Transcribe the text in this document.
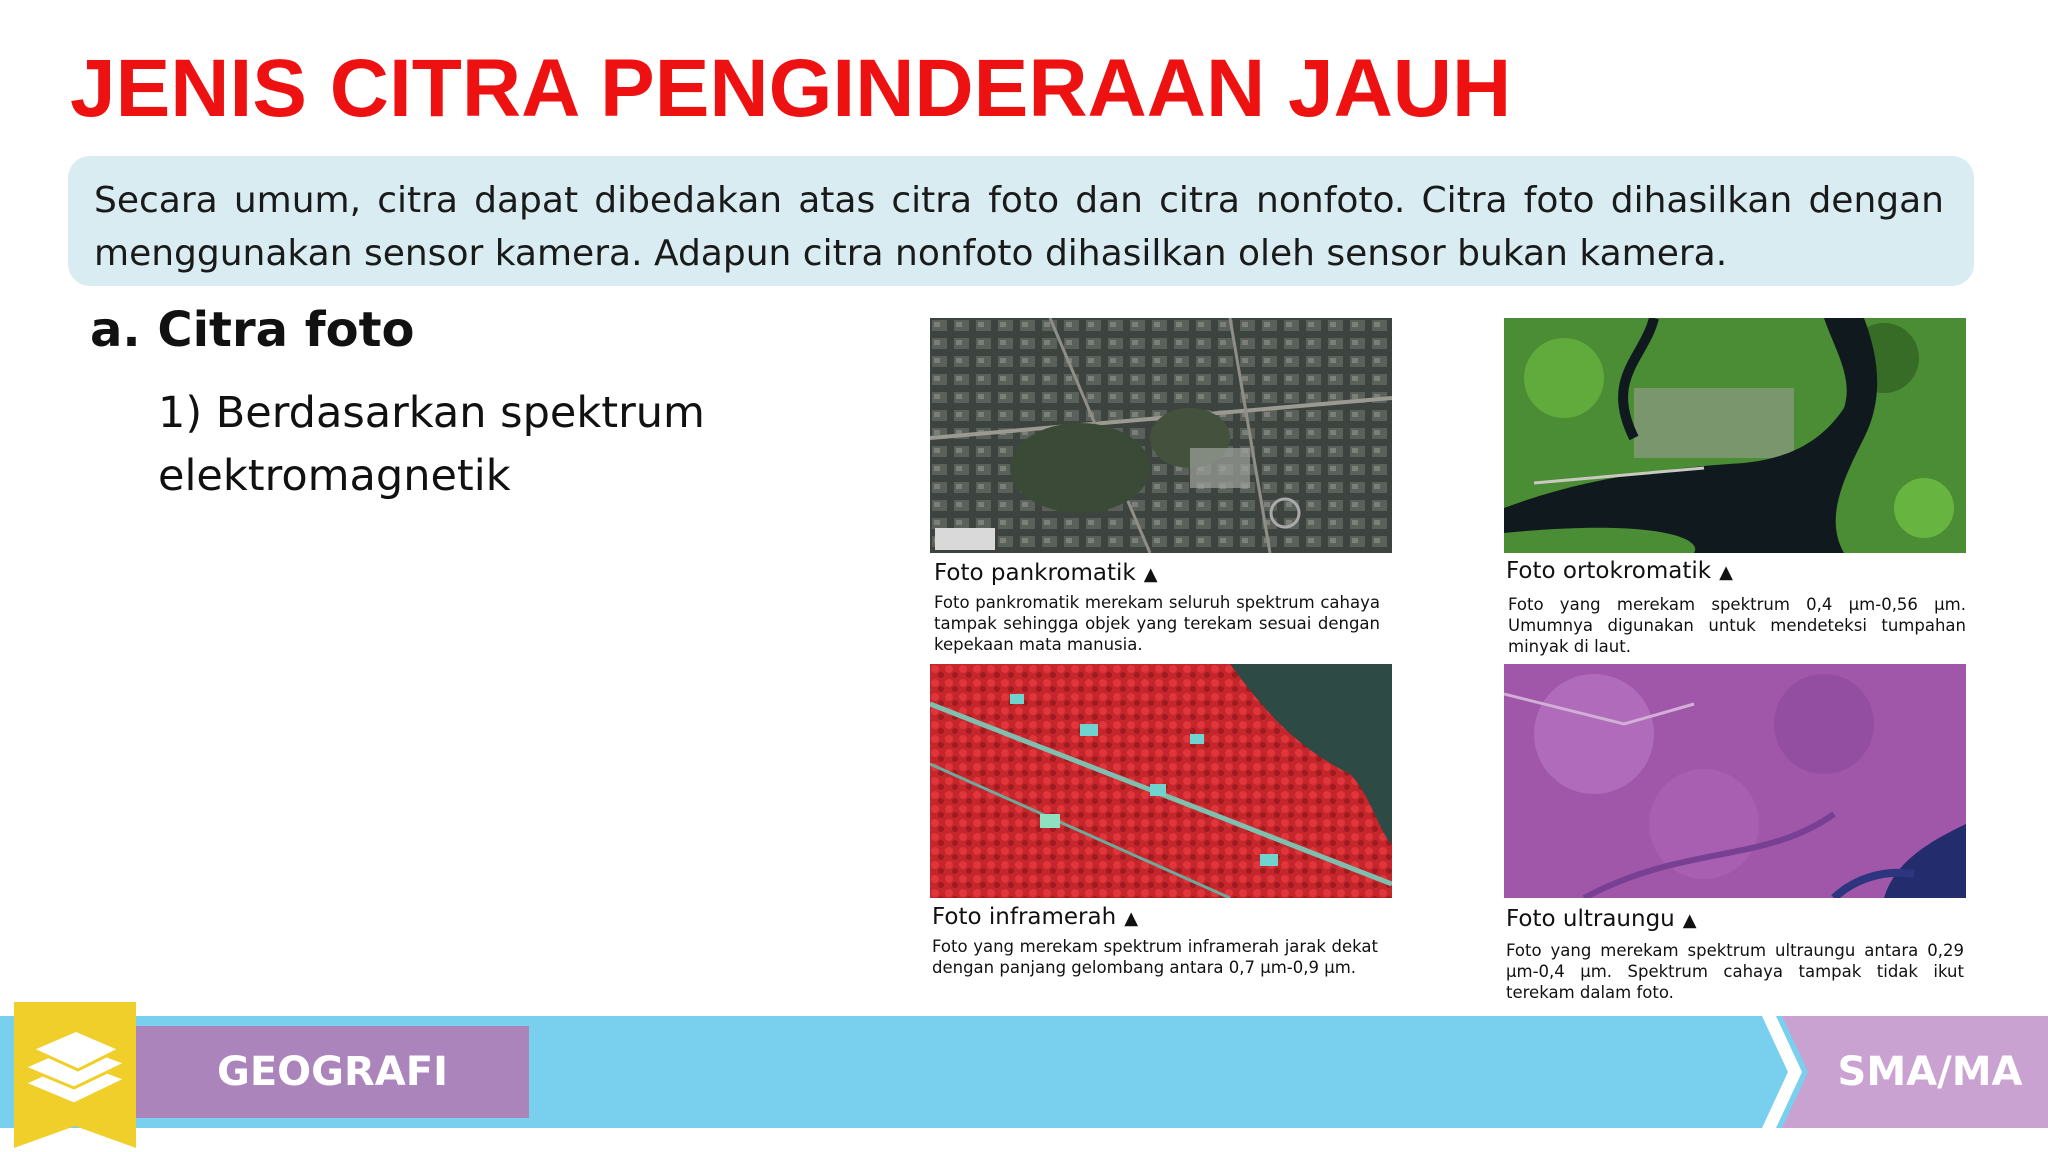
JENIS CITRA PENGINDERAAN JAUH
Secara umum, citra dapat dibedakan atas citra foto dan citra nonfoto. Citra foto dihasilkan dengan menggunakan sensor kamera. Adapun citra nonfoto dihasilkan oleh sensor bukan kamera.
a. Citra foto
1) Berdasarkan spektrum elektromagnetik
Foto pankromatik ▲
Foto pankromatik merekam seluruh spektrum cahaya tampak sehingga objek yang terekam sesuai dengan kepekaan mata manusia.
Foto ortokromatik ▲
Foto yang merekam spektrum 0,4 µm-0,56 µm. Umumnya digunakan untuk mendeteksi tumpahan minyak di laut.
Foto inframerah ▲
Foto yang merekam spektrum inframerah jarak dekat dengan panjang gelombang antara 0,7 µm-0,9 µm.
Foto ultraungu ▲
Foto yang merekam spektrum ultraungu antara 0,29 µm-0,4 µm. Spektrum cahaya tampak tidak ikut terekam dalam foto.
GEOGRAFI	SMA/MA
